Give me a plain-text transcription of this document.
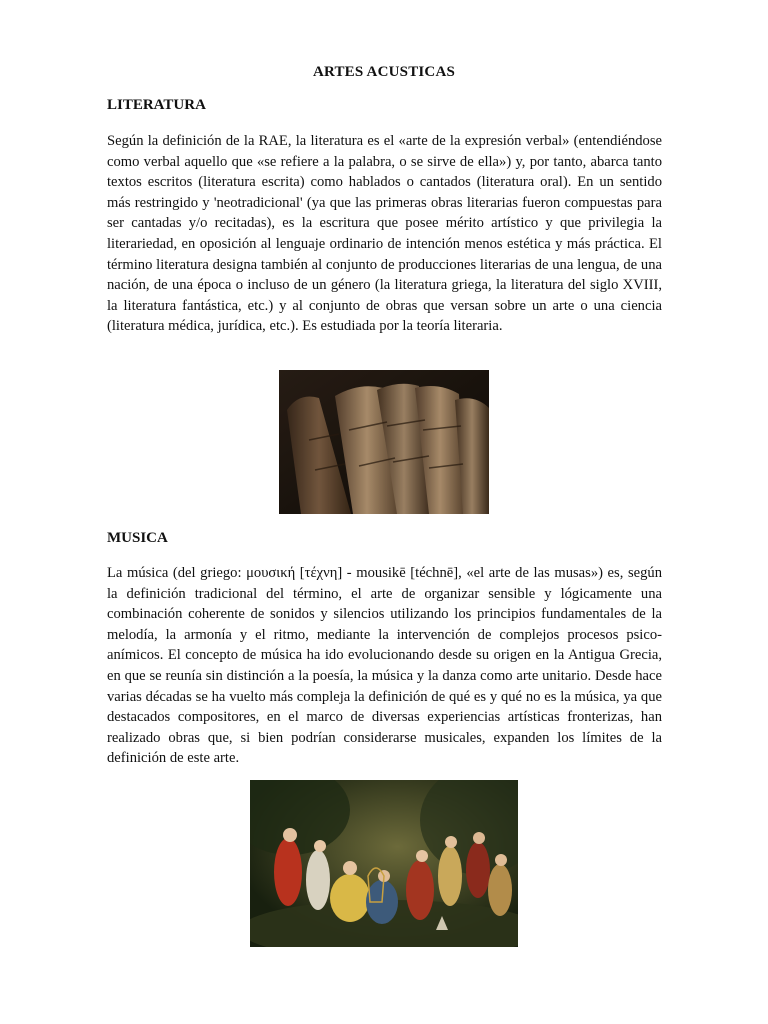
ARTES ACUSTICAS
LITERATURA

Según la definición de la RAE, la literatura es el «arte de la expresión verbal» (entendiéndose como verbal aquello que «se refiere a la palabra, o se sirve de ella») y, por tanto, abarca tanto textos escritos (literatura escrita) como hablados o cantados (literatura oral). En un sentido más restringido y 'neotradicional' (ya que las primeras obras literarias fueron compuestas para ser cantadas y/o recitadas), es la escritura que posee mérito artístico y que privilegia la literariedad, en oposición al lenguaje ordinario de intención menos estética y más práctica. El término literatura designa también al conjunto de producciones literarias de una lengua, de una nación, de una época o incluso de un género (la literatura griega, la literatura del siglo XVIII, la literatura fantástica, etc.) y al conjunto de obras que versan sobre un arte o una ciencia (literatura médica, jurídica, etc.). Es estudiada por la teoría literaria.

MUSICA

La música (del griego: μουσική [τέχνη] - mousikē [téchnē], «el arte de las musas») es, según la definición tradicional del término, el arte de organizar sensible y lógicamente una combinación coherente de sonidos y silencios utilizando los principios fundamentales de la melodía, la armonía y el ritmo, mediante la intervención de complejos procesos psico-anímicos. El concepto de música ha ido evolucionando desde su origen en la Antigua Grecia, en que se reunía sin distinción a la poesía, la música y la danza como arte unitario. Desde hace varias décadas se ha vuelto más compleja la definición de qué es y qué no es la música, ya que destacados compositores, en el marco de diversas experiencias artísticas fronterizas, han realizado obras que, si bien podrían considerarse musicales, expanden los límites de la definición de este arte.
